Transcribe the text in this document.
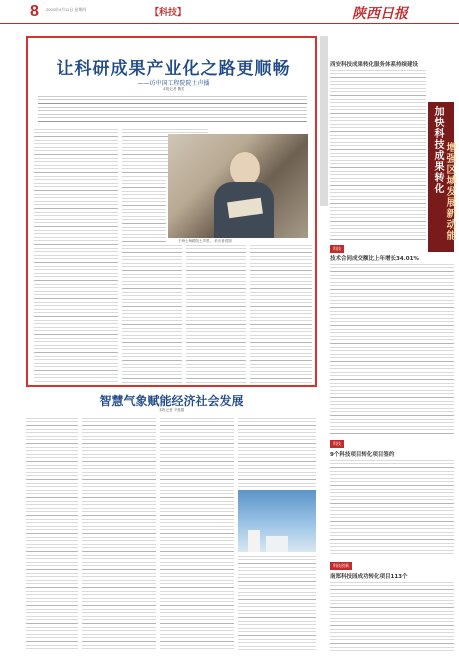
8 2024年4月11日 星期四	【科技】	陕西日报
让科研成果产业化之路更顺畅
——访中国工程院院士声播
本报记者 魏芳
于海士海路院士声景。 采访者供图
智慧气象赋能经济社会发展
本报记者 尹惠娟
西安科技成果转化服务体系持续建设
加快科技成果转化 增强区域发展新动能
科技
技术合同成交额比上年增长34.01%
科技
9个科技项目转化项目签约
科技创新
南郑科技园成功转化项目113个
